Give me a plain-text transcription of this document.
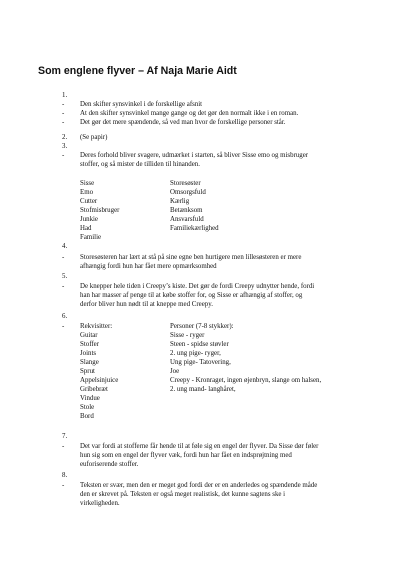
Som englene flyver – Af Naja Marie Aidt
1.
- Den skifter synsvinkel i de forskellige afsnit
- At den skifter synsvinkel mange gange og det gør den normalt ikke i en roman.
- Det gør det mere spændende, så ved man hvor de forskellige personer står.
2. (Se papir)
3.
- Deres forhold bliver svagere, udmærket i starten, så bliver Sisse emo og misbruger
stoffer, og så mister de tilliden til hinanden.
Sisse	Storesøster
Emo	Omsorgsfuld
Cutter	Kærlig
Stofmisbruger	Betænksom
Junkie	Ansvarsfuld
Had	Familiekærlighed
Familie
4.
- Storesøsteren har lært at stå på sine egne ben hurtigere men lillesøsteren er mere
afhængig fordi hun har fået mere opmærksomhed
5.
- De knepper hele tiden i Creepy’s kiste. Det gør de fordi Creepy udnytter hende, fordi
han har masser af penge til at købe stoffer for, og Sisse er afhængig af stoffer, og
derfor bliver hun nødt til at kneppe med Creepy.
6.
- Rekvisitter:	Personer (7-8 stykker):
Guitar	Sisse - ryger
Stoffer	Steen - spidse støvler
Joints	2. ung pige- ryger,
Slange	Ung pige- Tatovering,
Sprut	Joe
Appelsinjuice	Creepy - Kronraget, ingen øjenbryn, slange om halsen,
Gribebræt	2. ung mand- langhåret,
Vindue
Stole
Bord
7.
- Det var fordi at stofferne får hende til at føle sig en engel der flyver. Da Sisse dør føler
hun sig som en engel der flyver væk, fordi hun har fået en indsprøjtning med
euforiserende stoffer.
8.
- Teksten er svær, men den er meget god fordi der er en anderledes og spændende måde
den er skrevet på. Teksten er også meget realistisk, det kunne sagtens ske i
virkeligheden.
